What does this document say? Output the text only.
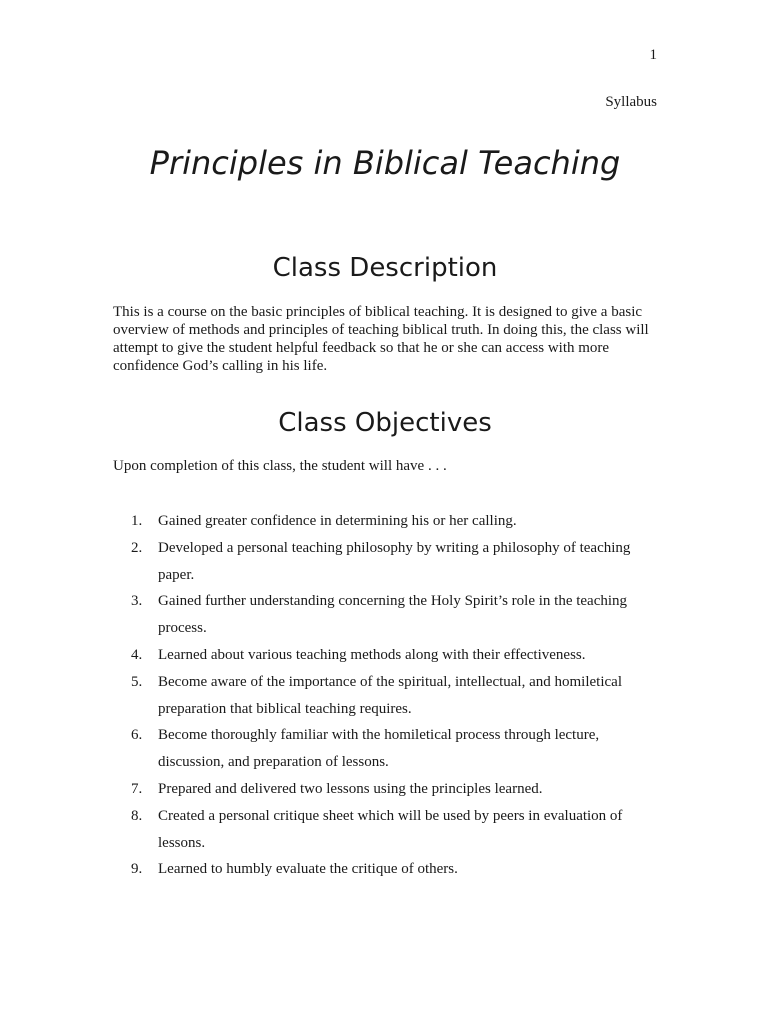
1
Syllabus
Principles in Biblical Teaching
Class Description

This is a course on the basic principles of biblical teaching. It is designed to give a basic overview of methods and principles of teaching biblical truth. In doing this, the class will attempt to give the student helpful feedback so that he or she can access with more confidence God’s calling in his life.

Class Objectives

Upon completion of this class, the student will have . . .

1. Gained greater confidence in determining his or her calling.
2. Developed a personal teaching philosophy by writing a philosophy of teaching paper.
3. Gained further understanding concerning the Holy Spirit’s role in the teaching process.
4. Learned about various teaching methods along with their effectiveness.
5. Become aware of the importance of the spiritual, intellectual, and homiletical preparation that biblical teaching requires.
6. Become thoroughly familiar with the homiletical process through lecture, discussion, and preparation of lessons.
7. Prepared and delivered two lessons using the principles learned.
8. Created a personal critique sheet which will be used by peers in evaluation of lessons.
9. Learned to humbly evaluate the critique of others.
